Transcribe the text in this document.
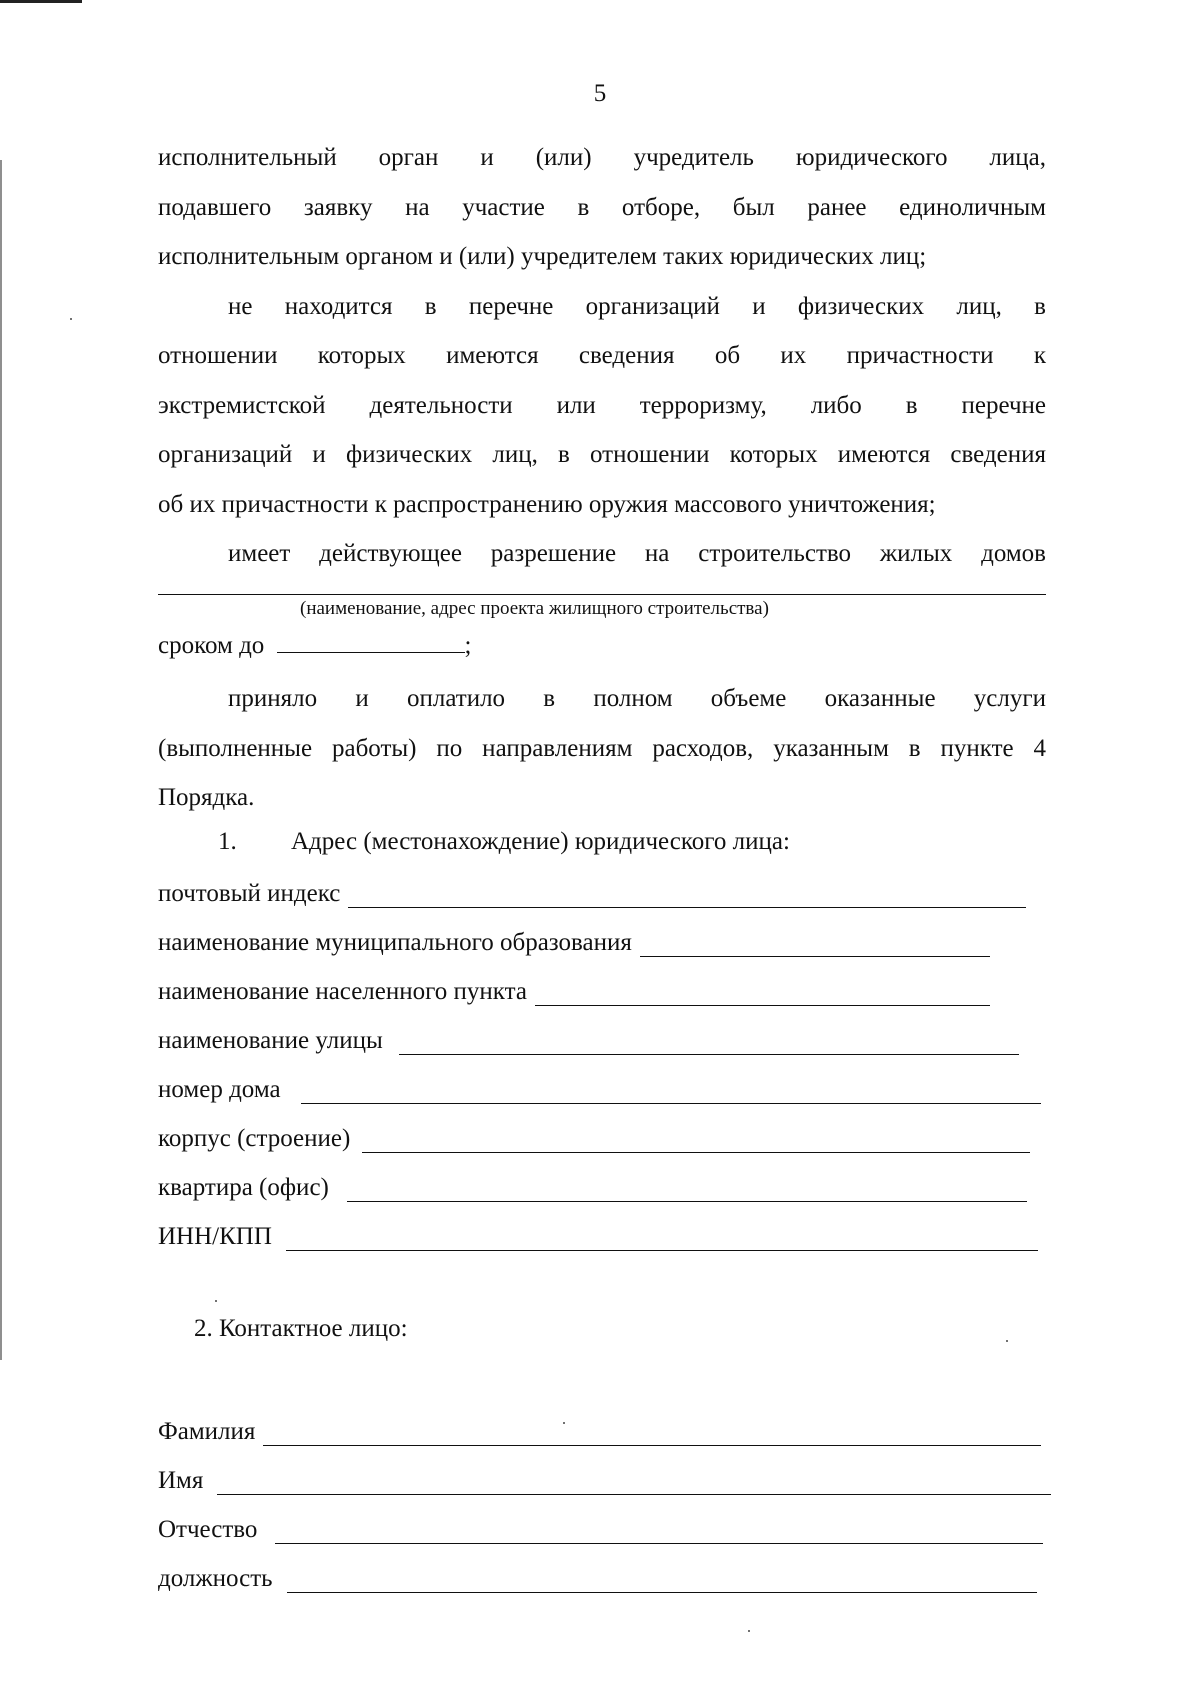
5

исполнительный орган и (или) учредитель юридического лица,

подавшего заявку на участие в отборе, был ранее единоличным

исполнительным органом и (или) учредителем таких юридических лиц;

не находится в перечне организаций и физических лиц, в

отношении которых имеются сведения об их причастности к

экстремистской деятельности или терроризму, либо в перечне

организаций и физических лиц, в отношении которых имеются сведения

об их причастности к распространению оружия массового уничтожения;

имеет действующее разрешение на строительство жилых домов

(наименование, адрес проекта жилищного строительства)
сроком до	;

приняло и оплатило в полном объеме оказанные услуги

(выполненные работы) по направлениям расходов, указанным в пункте 4

Порядка.

1. Адрес (местонахождение) юридического лица:
почтовый индекс
наименование муниципального образования
наименование населенного пункта
наименование улицы
номер дома
корпус (строение)
квартира (офис)
ИНН/КПП
2. Контактное лицо:
Фамилия
Имя
Отчество
должность
